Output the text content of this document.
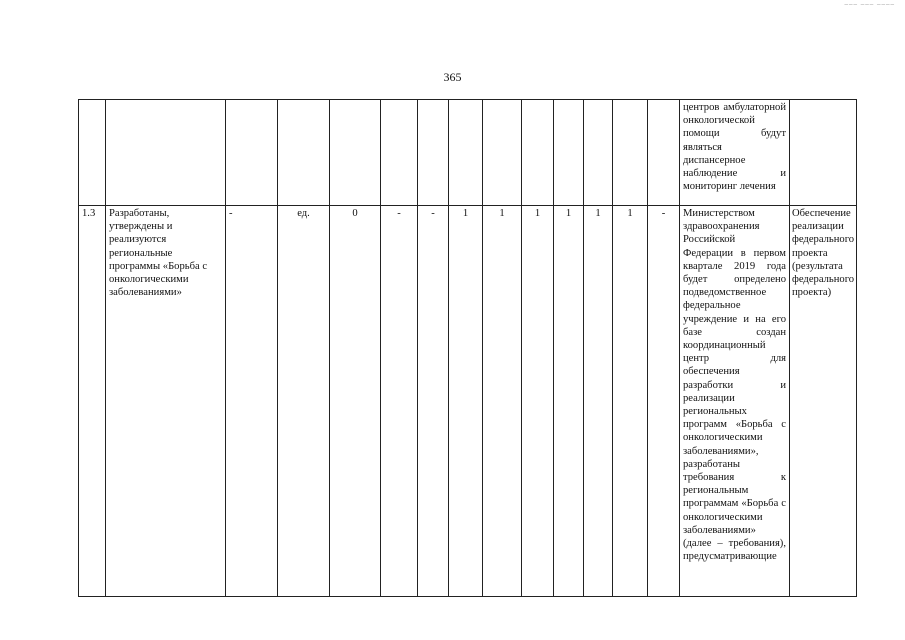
‒‒‒ ‒‒‒ ‒‒‒‒
365
														центров амбулаторной онкологической помощи будут являться диспансерное наблюдение и мониторинг лечения	
1.3	Разработаны, утверждены и реализуются региональные программы «Борьба с онкологическими заболеваниями»	-	ед.	0	-	-	1	1	1	1	1	1	-	Министерством здравоохранения Российской Федерации в первом квартале 2019 года будет определено подведомственное федеральное учреждение и на его базе создан координационный центр для обеспечения разработки и реализации региональных программ «Борьба с онкологическими заболеваниями», разработаны требования к региональным программам «Борьба с онкологическими заболеваниями» (далее – требования), предусматривающие	Обеспечение реализации федерального проекта (результата федерального проекта)
